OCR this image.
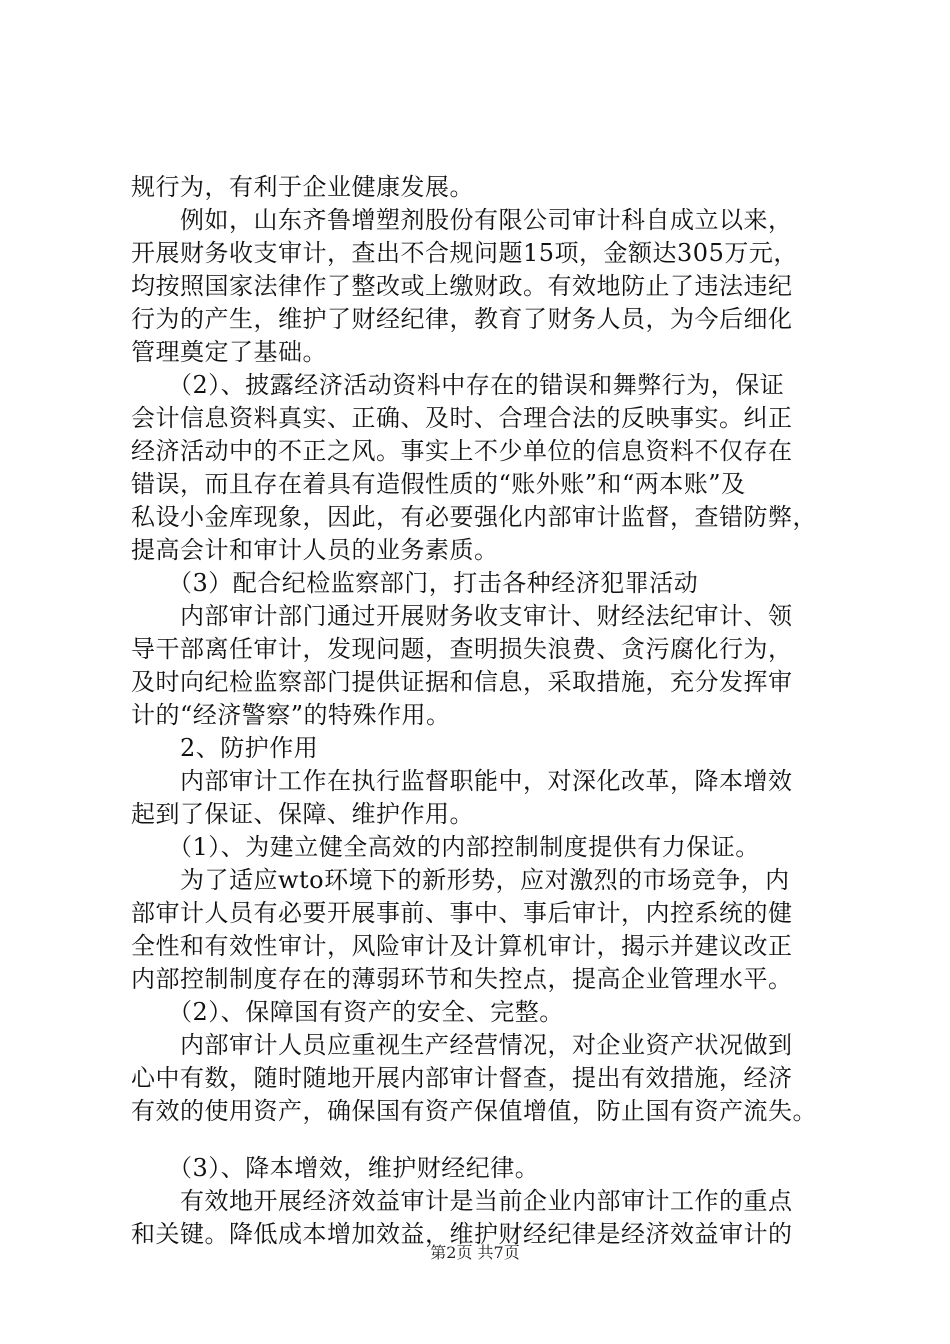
规行为，有利于企业健康发展。
　　例如，山东齐鲁增塑剂股份有限公司审计科自成立以来，
开展财务收支审计，查出不合规问题15项，金额达305万元，
均按照国家法律作了整改或上缴财政。有效地防止了违法违纪
行为的产生，维护了财经纪律，教育了财务人员，为今后细化
管理奠定了基础。
　　（2）、披露经济活动资料中存在的错误和舞弊行为，保证
会计信息资料真实、正确、及时、合理合法的反映事实。纠正
经济活动中的不正之风。事实上不少单位的信息资料不仅存在
错误，而且存在着具有造假性质的“账外账”和“两本账”及
私设小金库现象，因此，有必要强化内部审计监督，查错防弊，
提高会计和审计人员的业务素质。
　　（3）配合纪检监察部门，打击各种经济犯罪活动
　　内部审计部门通过开展财务收支审计、财经法纪审计、领
导干部离任审计，发现问题，查明损失浪费、贪污腐化行为，
及时向纪检监察部门提供证据和信息，采取措施，充分发挥审
计的“经济警察”的特殊作用。
　　2、防护作用
　　内部审计工作在执行监督职能中，对深化改革，降本增效
起到了保证、保障、维护作用。
　　（1）、为建立健全高效的内部控制制度提供有力保证。
　　为了适应wto环境下的新形势，应对激烈的市场竞争，内
部审计人员有必要开展事前、事中、事后审计，内控系统的健
全性和有效性审计，风险审计及计算机审计，揭示并建议改正
内部控制制度存在的薄弱环节和失控点，提高企业管理水平。
　　（2）、保障国有资产的安全、完整。
　　内部审计人员应重视生产经营情况，对企业资产状况做到
心中有数，随时随地开展内部审计督查，提出有效措施，经济
有效的使用资产，确保国有资产保值增值，防止国有资产流失。
　　（3）、降本增效，维护财经纪律。
　　有效地开展经济效益审计是当前企业内部审计工作的重点
和关键。降低成本增加效益，维护财经纪律是经济效益审计的
第2页 共7页
